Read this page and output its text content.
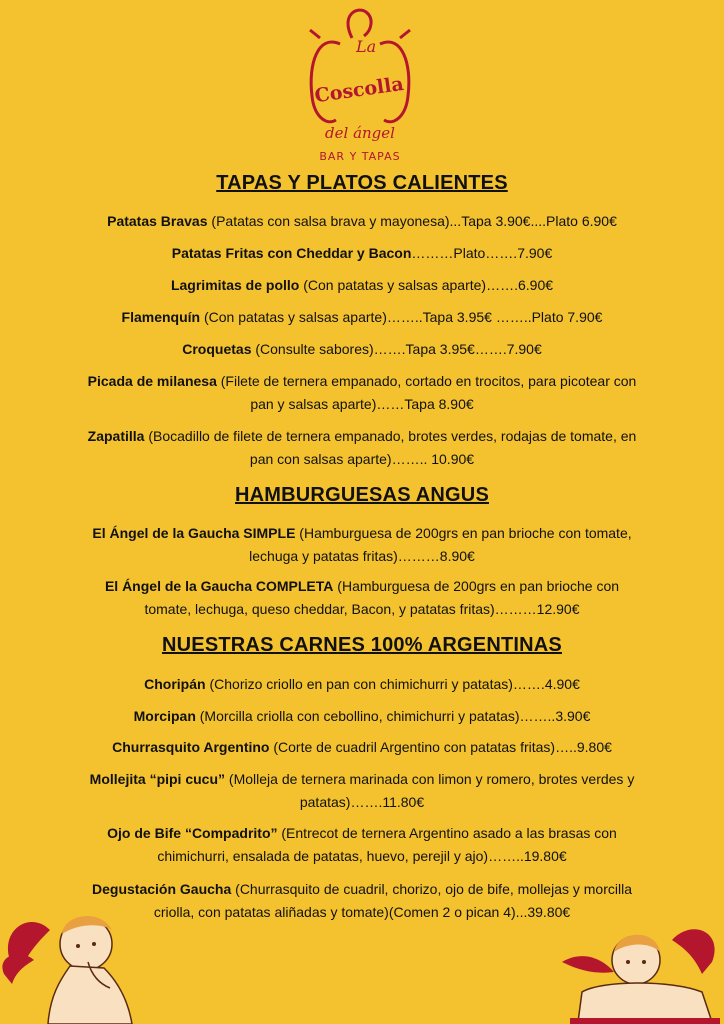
La
Coscolla
del ángel
BAR Y TAPAS
TAPAS Y PLATOS CALIENTES
Patatas Bravas (Patatas con salsa brava y mayonesa)...Tapa 3.90€....Plato 6.90€
Patatas Fritas con Cheddar y Bacon………Plato…….7.90€
Lagrimitas de pollo (Con patatas y salsas aparte)…….6.90€
Flamenquín (Con patatas y salsas aparte)……..Tapa 3.95€ ……..Plato 7.90€
Croquetas (Consulte sabores)…….Tapa 3.95€…….7.90€
Picada de milanesa (Filete de ternera empanado, cortado en trocitos, para picotear con pan y salsas aparte)……Tapa 8.90€
Zapatilla (Bocadillo de filete de ternera empanado, brotes verdes, rodajas de tomate, en pan con salsas aparte)…….. 10.90€
HAMBURGUESAS ANGUS
El Ángel de la Gaucha SIMPLE (Hamburguesa de 200grs en pan brioche con tomate, lechuga y patatas fritas)………8.90€
El Ángel de la Gaucha COMPLETA (Hamburguesa de 200grs en pan brioche con tomate, lechuga, queso cheddar, Bacon, y patatas fritas)………12.90€
NUESTRAS CARNES 100% ARGENTINAS
Choripán (Chorizo criollo en pan con chimichurri y patatas)…….4.90€
Morcipan (Morcilla criolla con cebollino, chimichurri y patatas)……..3.90€
Churrasquito Argentino (Corte de cuadril Argentino con patatas fritas)…..9.80€
Mollejita “pipi cucu” (Molleja de ternera marinada con limon y romero, brotes verdes y patatas)…….11.80€
Ojo de Bife “Compadrito” (Entrecot de ternera Argentino asado a las brasas con chimichurri, ensalada de patatas, huevo, perejil y ajo)……..19.80€
Degustación Gaucha (Churrasquito de cuadril, chorizo, ojo de bife, mollejas y morcilla criolla, con patatas aliñadas y tomate)(Comen 2 o pican 4)...39.80€
